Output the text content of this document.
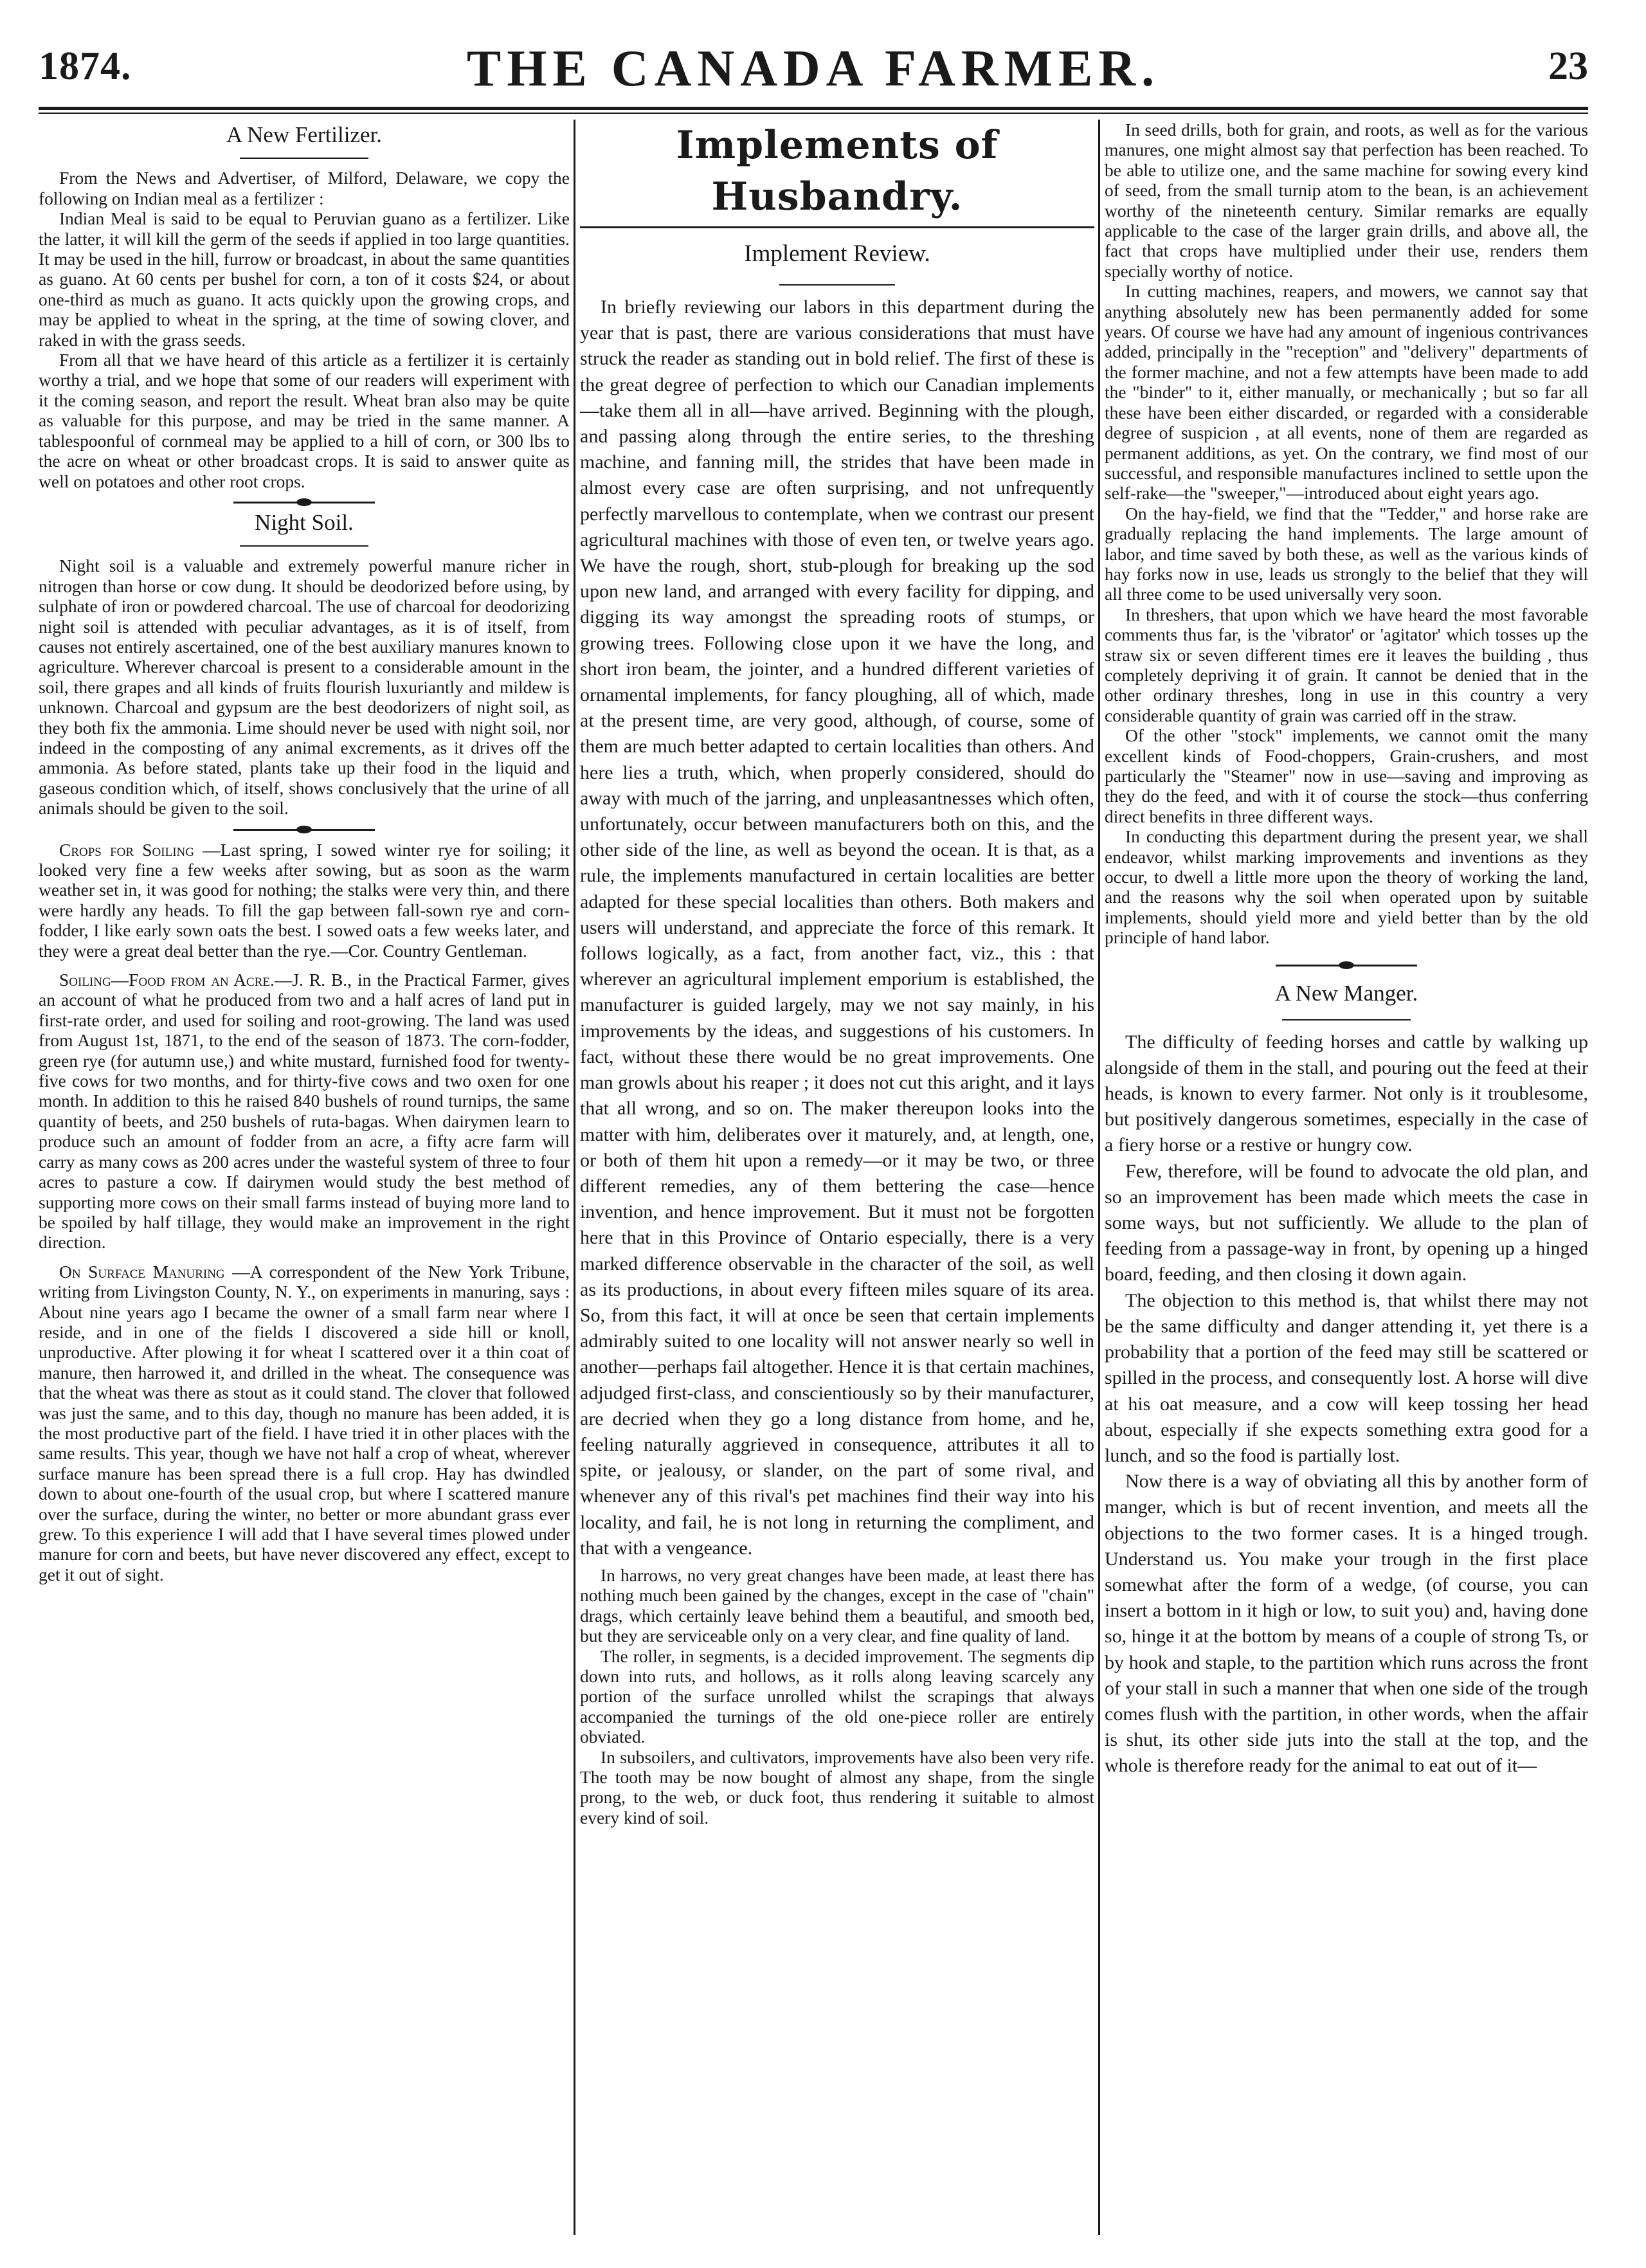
1874.	THE CANADA FARMER.	23
A New Fertilizer.

From the News and Advertiser, of Milford, Delaware, we copy the following on Indian meal as a fertilizer :

Indian Meal is said to be equal to Peruvian guano as a fertilizer. Like the latter, it will kill the germ of the seeds if applied in too large quantities. It may be used in the hill, furrow or broadcast, in about the same quantities as guano. At 60 cents per bushel for corn, a ton of it costs $24, or about one-third as much as guano. It acts quickly upon the growing crops, and may be applied to wheat in the spring, at the time of sowing clover, and raked in with the grass seeds.

From all that we have heard of this article as a fertilizer it is certainly worthy a trial, and we hope that some of our readers will experiment with it the coming season, and report the result. Wheat bran also may be quite as valuable for this purpose, and may be tried in the same manner. A tablespoonful of cornmeal may be applied to a hill of corn, or 300 lbs to the acre on wheat or other broadcast crops. It is said to answer quite as well on potatoes and other root crops.

Night Soil.

Night soil is a valuable and extremely powerful manure richer in nitrogen than horse or cow dung. It should be deodorized before using, by sulphate of iron or powdered charcoal. The use of charcoal for deodorizing night soil is attended with peculiar advantages, as it is of itself, from causes not entirely ascertained, one of the best auxiliary manures known to agriculture. Wherever charcoal is present to a considerable amount in the soil, there grapes and all kinds of fruits flourish luxuriantly and mildew is unknown. Charcoal and gypsum are the best deodorizers of night soil, as they both fix the ammonia. Lime should never be used with night soil, nor indeed in the composting of any animal excrements, as it drives off the ammonia. As before stated, plants take up their food in the liquid and gaseous condition which, of itself, shows conclusively that the urine of all animals should be given to the soil.

Crops for Soiling —Last spring, I sowed winter rye for soiling; it looked very fine a few weeks after sowing, but as soon as the warm weather set in, it was good for nothing; the stalks were very thin, and there were hardly any heads. To fill the gap between fall-sown rye and corn-fodder, I like early sown oats the best. I sowed oats a few weeks later, and they were a great deal better than the rye.—Cor. Country Gentleman.

Soiling—Food from an Acre.—J. R. B., in the Practical Farmer, gives an account of what he produced from two and a half acres of land put in first-rate order, and used for soiling and root-growing. The land was used from August 1st, 1871, to the end of the season of 1873. The corn-fodder, green rye (for autumn use,) and white mustard, furnished food for twenty-five cows for two months, and for thirty-five cows and two oxen for one month. In addition to this he raised 840 bushels of round turnips, the same quantity of beets, and 250 bushels of ruta-bagas. When dairymen learn to produce such an amount of fodder from an acre, a fifty acre farm will carry as many cows as 200 acres under the wasteful system of three to four acres to pasture a cow. If dairymen would study the best method of supporting more cows on their small farms instead of buying more land to be spoiled by half tillage, they would make an improvement in the right direction.

On Surface Manuring —A correspondent of the New York Tribune, writing from Livingston County, N. Y., on experiments in manuring, says : About nine years ago I became the owner of a small farm near where I reside, and in one of the fields I discovered a side hill or knoll, unproductive. After plowing it for wheat I scattered over it a thin coat of manure, then harrowed it, and drilled in the wheat. The consequence was that the wheat was there as stout as it could stand. The clover that followed was just the same, and to this day, though no manure has been added, it is the most productive part of the field. I have tried it in other places with the same results. This year, though we have not half a crop of wheat, wherever surface manure has been spread there is a full crop. Hay has dwindled down to about one-fourth of the usual crop, but where I scattered manure over the surface, during the winter, no better or more abundant grass ever grew. To this experience I will add that I have several times plowed under manure for corn and beets, but have never discovered any effect, except to get it out of sight.

Implements of Husbandry.
Implement Review.

In briefly reviewing our labors in this department during the year that is past, there are various considerations that must have struck the reader as standing out in bold relief. The first of these is the great degree of perfection to which our Canadian implements—take them all in all—have arrived. Beginning with the plough, and passing along through the entire series, to the threshing machine, and fanning mill, the strides that have been made in almost every case are often surprising, and not unfrequently perfectly marvellous to contemplate, when we contrast our present agricultural machines with those of even ten, or twelve years ago. We have the rough, short, stub-plough for breaking up the sod upon new land, and arranged with every facility for dipping, and digging its way amongst the spreading roots of stumps, or growing trees. Following close upon it we have the long, and short iron beam, the jointer, and a hundred different varieties of ornamental implements, for fancy ploughing, all of which, made at the present time, are very good, although, of course, some of them are much better adapted to certain localities than others. And here lies a truth, which, when properly considered, should do away with much of the jarring, and unpleasantnesses which often, unfortunately, occur between manufacturers both on this, and the other side of the line, as well as beyond the ocean. It is that, as a rule, the implements manufactured in certain localities are better adapted for these special localities than others. Both makers and users will understand, and appreciate the force of this remark. It follows logically, as a fact, from another fact, viz., this : that wherever an agricultural implement emporium is established, the manufacturer is guided largely, may we not say mainly, in his improvements by the ideas, and suggestions of his customers. In fact, without these there would be no great improvements. One man growls about his reaper ; it does not cut this aright, and it lays that all wrong, and so on. The maker thereupon looks into the matter with him, deliberates over it maturely, and, at length, one, or both of them hit upon a remedy—or it may be two, or three different remedies, any of them bettering the case—hence invention, and hence improvement. But it must not be forgotten here that in this Province of Ontario especially, there is a very marked difference observable in the character of the soil, as well as its productions, in about every fifteen miles square of its area. So, from this fact, it will at once be seen that certain implements admirably suited to one locality will not answer nearly so well in another—perhaps fail altogether. Hence it is that certain machines, adjudged first-class, and conscientiously so by their manufacturer, are decried when they go a long distance from home, and he, feeling naturally aggrieved in consequence, attributes it all to spite, or jealousy, or slander, on the part of some rival, and whenever any of this rival's pet machines find their way into his locality, and fail, he is not long in returning the compliment, and that with a vengeance.

In harrows, no very great changes have been made, at least there has nothing much been gained by the changes, except in the case of "chain" drags, which certainly leave behind them a beautiful, and smooth bed, but they are serviceable only on a very clear, and fine quality of land.

The roller, in segments, is a decided improvement. The segments dip down into ruts, and hollows, as it rolls along leaving scarcely any portion of the surface unrolled whilst the scrapings that always accompanied the turnings of the old one-piece roller are entirely obviated.

In subsoilers, and cultivators, improvements have also been very rife. The tooth may be now bought of almost any shape, from the single prong, to the web, or duck foot, thus rendering it suitable to almost every kind of soil.

In seed drills, both for grain, and roots, as well as for the various manures, one might almost say that perfection has been reached. To be able to utilize one, and the same machine for sowing every kind of seed, from the small turnip atom to the bean, is an achievement worthy of the nineteenth century. Similar remarks are equally applicable to the case of the larger grain drills, and above all, the fact that crops have multiplied under their use, renders them specially worthy of notice.

In cutting machines, reapers, and mowers, we cannot say that anything absolutely new has been permanently added for some years. Of course we have had any amount of ingenious contrivances added, principally in the "reception" and "delivery" departments of the former machine, and not a few attempts have been made to add the "binder" to it, either manually, or mechanically ; but so far all these have been either discarded, or regarded with a considerable degree of suspicion , at all events, none of them are regarded as permanent additions, as yet. On the contrary, we find most of our successful, and responsible manufactures inclined to settle upon the self-rake—the "sweeper,"—introduced about eight years ago.

On the hay-field, we find that the "Tedder," and horse rake are gradually replacing the hand implements. The large amount of labor, and time saved by both these, as well as the various kinds of hay forks now in use, leads us strongly to the belief that they will all three come to be used universally very soon.

In threshers, that upon which we have heard the most favorable comments thus far, is the 'vibrator' or 'agitator' which tosses up the straw six or seven different times ere it leaves the building , thus completely depriving it of grain. It cannot be denied that in the other ordinary threshes, long in use in this country a very considerable quantity of grain was carried off in the straw.

Of the other "stock" implements, we cannot omit the many excellent kinds of Food-choppers, Grain-crushers, and most particularly the "Steamer" now in use—saving and improving as they do the feed, and with it of course the stock—thus conferring direct benefits in three different ways.

In conducting this department during the present year, we shall endeavor, whilst marking improvements and inventions as they occur, to dwell a little more upon the theory of working the land, and the reasons why the soil when operated upon by suitable implements, should yield more and yield better than by the old principle of hand labor.

A New Manger.

The difficulty of feeding horses and cattle by walking up alongside of them in the stall, and pouring out the feed at their heads, is known to every farmer. Not only is it troublesome, but positively dangerous sometimes, especially in the case of a fiery horse or a restive or hungry cow.

Few, therefore, will be found to advocate the old plan, and so an improvement has been made which meets the case in some ways, but not sufficiently. We allude to the plan of feeding from a passage-way in front, by opening up a hinged board, feeding, and then closing it down again.

The objection to this method is, that whilst there may not be the same difficulty and danger attending it, yet there is a probability that a portion of the feed may still be scattered or spilled in the process, and consequently lost. A horse will dive at his oat measure, and a cow will keep tossing her head about, especially if she expects something extra good for a lunch, and so the food is partially lost.

Now there is a way of obviating all this by another form of manger, which is but of recent invention, and meets all the objections to the two former cases. It is a hinged trough. Understand us. You make your trough in the first place somewhat after the form of a wedge, (of course, you can insert a bottom in it high or low, to suit you) and, having done so, hinge it at the bottom by means of a couple of strong Ts, or by hook and staple, to the partition which runs across the front of your stall in such a manner that when one side of the trough comes flush with the partition, in other words, when the affair is shut, its other side juts into the stall at the top, and the whole is therefore ready for the animal to eat out of it—
